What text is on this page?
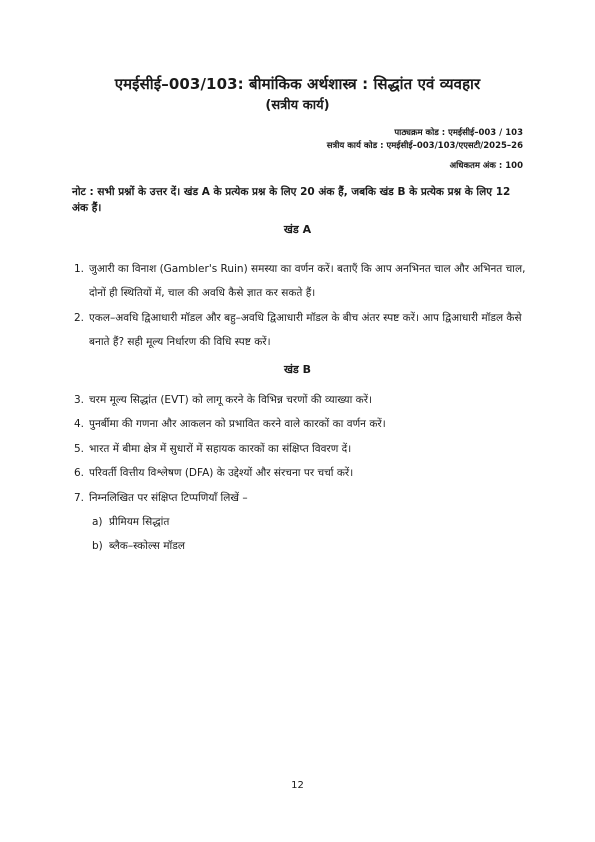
एमईसीई–003/103: बीमांकिक अर्थशास्त्र : सिद्धांत एवं व्यवहार
(सत्रीय कार्य)
पाठ्यक्रम कोड : एमईसीई–003 / 103
सत्रीय कार्य कोड : एमईसीई–003/103/एएसटी/2025–26
अधिकतम अंक : 100
नोट : सभी प्रश्नों के उत्तर दें। खंड A के प्रत्येक प्रश्न के लिए 20 अंक हैं, जबकि खंड B के प्रत्येक प्रश्न के लिए 12 अंक हैं।
खंड A
1. जुआरी का विनाश (Gambler's Ruin) समस्या का वर्णन करें। बताएँ कि आप अनभिनत चाल और अभिनत चाल, दोनों ही स्थितियों में, चाल की अवधि कैसे ज्ञात कर सकते हैं।
2. एकल–अवधि द्विआधारी मॉडल और बहु–अवधि द्विआधारी मॉडल के बीच अंतर स्पष्ट करें। आप द्विआधारी मॉडल कैसे बनाते हैं? सही मूल्य निर्धारण की विधि स्पष्ट करें।
खंड B
3. चरम मूल्य सिद्धांत (EVT) को लागू करने के विभिन्न चरणों की व्याख्या करें।
4. पुनर्बीमा की गणना और आकलन को प्रभावित करने वाले कारकों का वर्णन करें।
5. भारत में बीमा क्षेत्र में सुधारों में सहायक कारकों का संक्षिप्त विवरण दें।
6. परिवर्ती वित्तीय विश्लेषण (DFA) के उद्देश्यों और संरचना पर चर्चा करें।
7. निम्नलिखित पर संक्षिप्त टिप्पणियाँ लिखें –
a) प्रीमियम सिद्धांत
b) ब्लैक–स्कोल्स मॉडल
12
